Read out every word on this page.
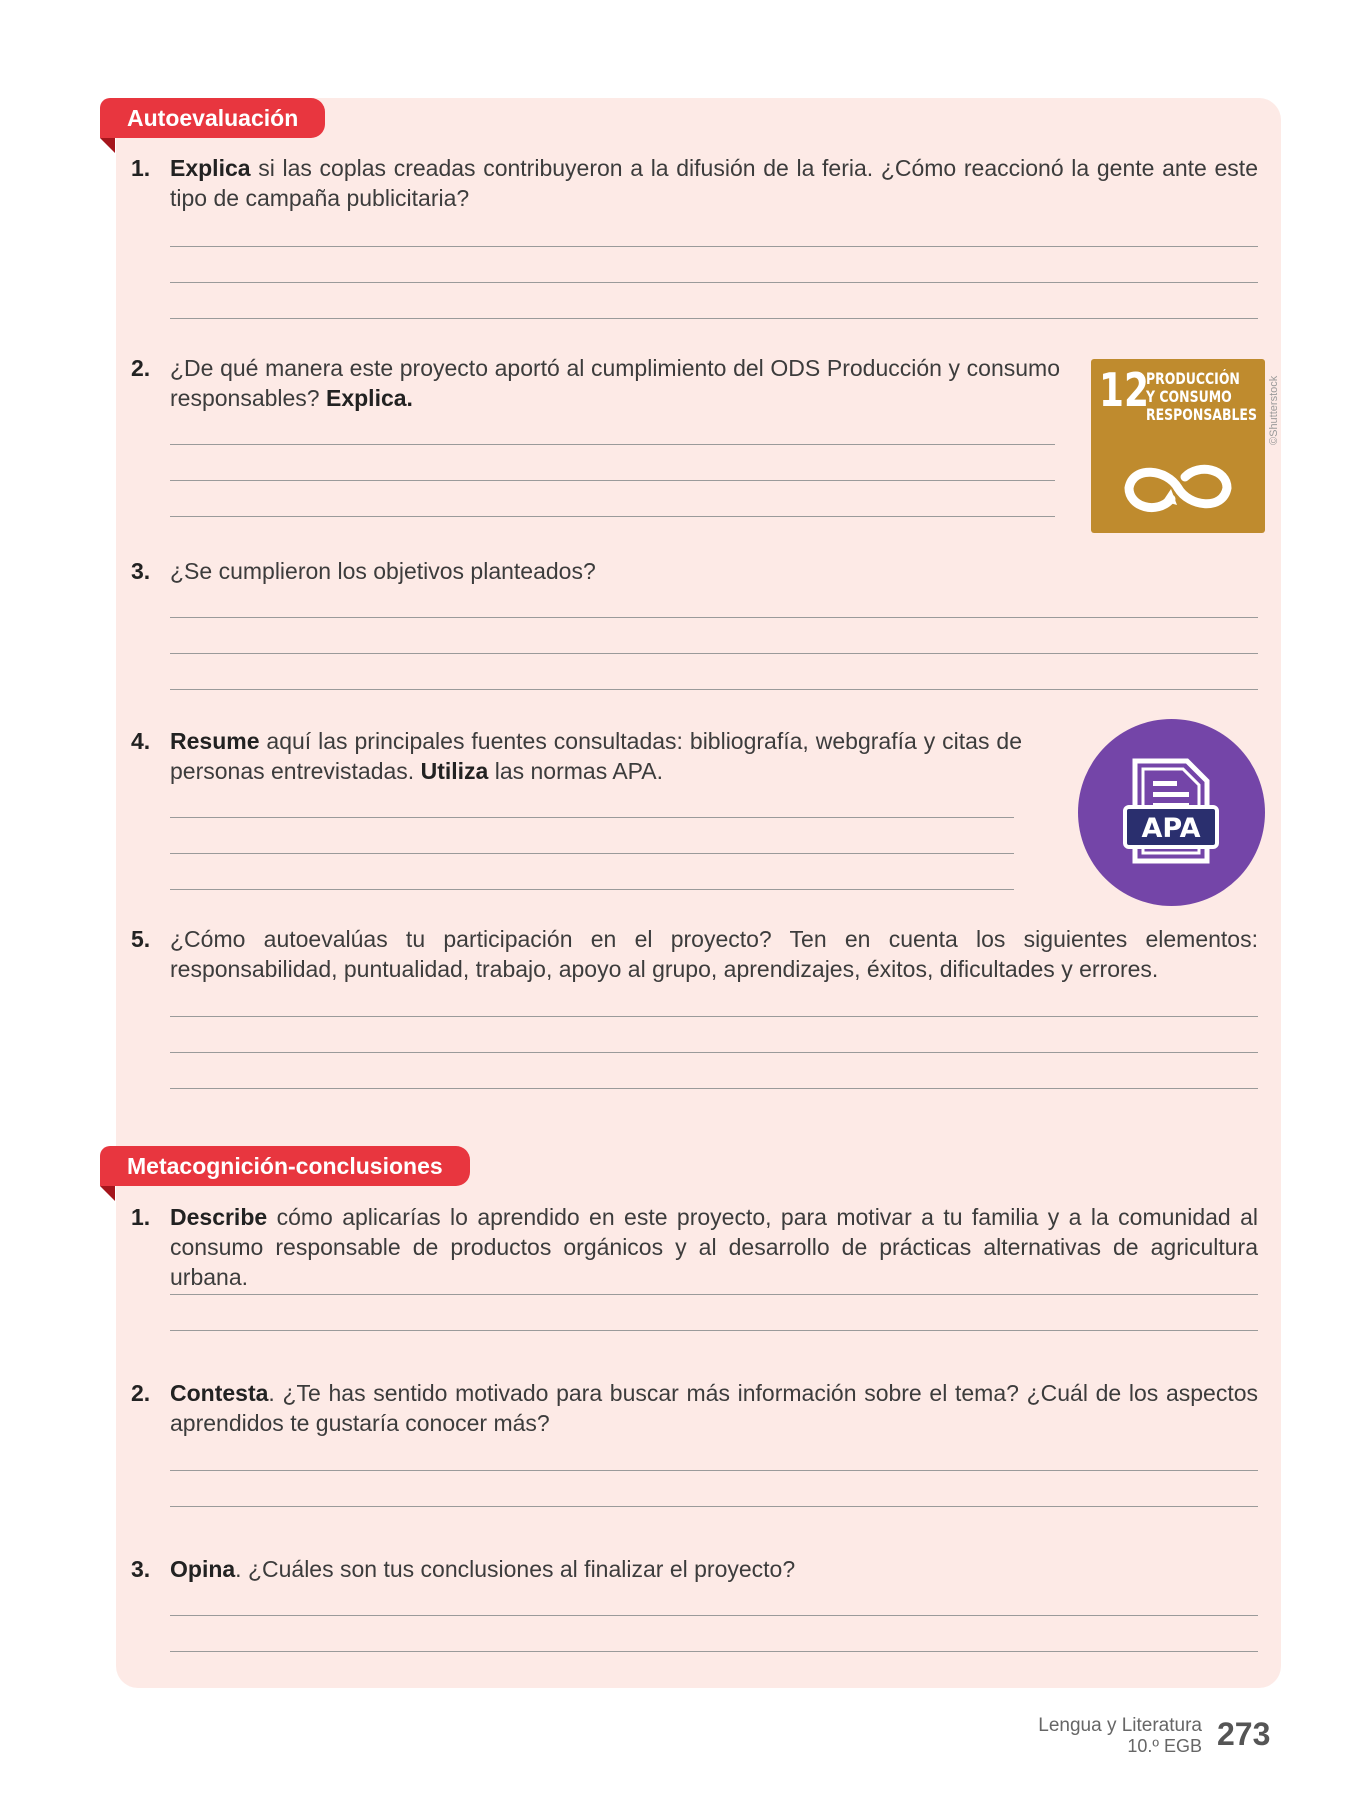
Autoevaluación
1. Explica si las coplas creadas contribuyeron a la difusión de la feria. ¿Cómo reaccionó la gente ante este tipo de campaña publicitaria?
2. ¿De qué manera este proyecto aportó al cumplimiento del ODS Producción y consumo responsables? Explica.	12
PRODUCCIÓN
Y CONSUMO
RESPONSABLES ©Shutterstock
3. ¿Se cumplieron los objetivos planteados?
4. Resume aquí las principales fuentes consultadas: bibliografía, webgrafía y citas de personas entrevistadas. Utiliza las normas APA.
APA
5. ¿Cómo autoevalúas tu participación en el proyecto? Ten en cuenta los siguientes elementos: responsabilidad, puntualidad, trabajo, apoyo al grupo, aprendizajes, éxitos, dificultades y errores.
Metacognición-conclusiones
1. Describe cómo aplicarías lo aprendido en este proyecto, para motivar a tu familia y a la comunidad al consumo responsable de productos orgánicos y al desarrollo de prácticas alternativas de agricultura urbana.
2. Contesta. ¿Te has sentido motivado para buscar más información sobre el tema? ¿Cuál de los aspectos aprendidos te gustaría conocer más?
3. Opina. ¿Cuáles son tus conclusiones al finalizar el proyecto?
Lengua y Literatura
10.º EGB 273
